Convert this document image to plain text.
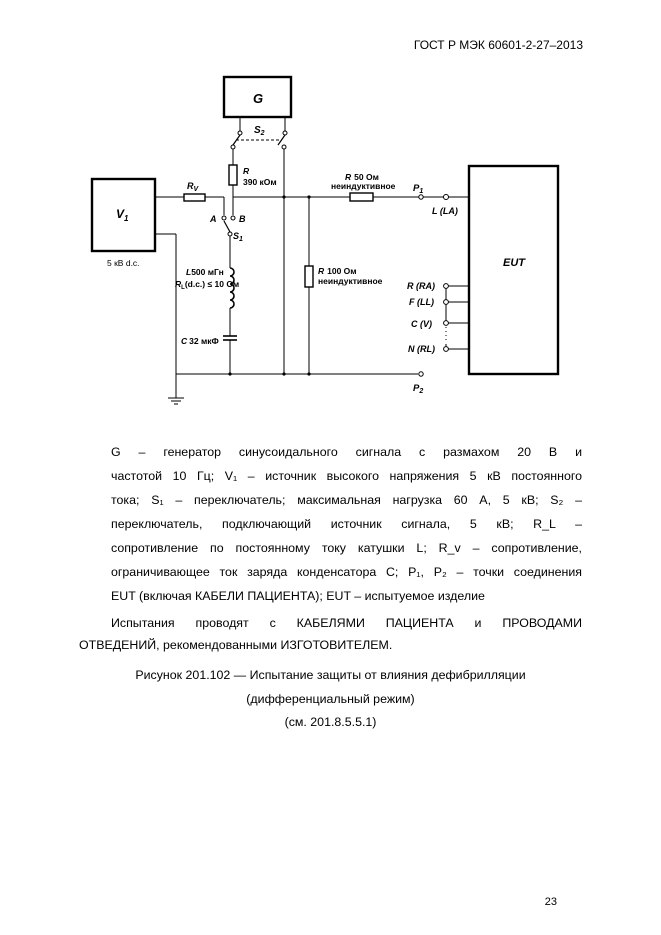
ГОСТ Р МЭК 60601-2-27–2013
G
$S_2$
R
390 кОм	R 50 Ом
неиндуктивное $P_1$
L (LA)
R 100 Ом
неиндуктивное
$V_1$
5 кВ d.c.
$R_V$
A	B
$S_1$
L500 мГн
$R_L(d.c.) \le 10$ Ом
C 32 мкФ
$P_2$
EUT
R (RA)
F (LL)
C (V)
N (RL)

G – генератор синусоидального сигнала с размахом 20 В и

частотой 10 Гц; V₁ – источник высокого напряжения 5 кВ постоянного

тока; S₁ – переключатель; максимальная нагрузка 60 А, 5 кВ; S₂ –

переключатель, подключающий источник сигнала, 5 кВ; R_L –

сопротивление по постоянному току катушки L; R_v – сопротивление,

ограничивающее ток заряда конденсатора C; P₁, P₂ – точки соединения

EUT (включая КАБЕЛИ ПАЦИЕНТА); EUT – испытуемое изделие

Испытания проводят с КАБЕЛЯМИ ПАЦИЕНТА и ПРОВОДАМИ

ОТВЕДЕНИЙ, рекомендованными ИЗГОТОВИТЕЛЕМ.

Рисунок 201.102 — Испытание защиты от влияния дефибрилляции
(дифференциальный режим)
(см. 201.8.5.5.1)
23
